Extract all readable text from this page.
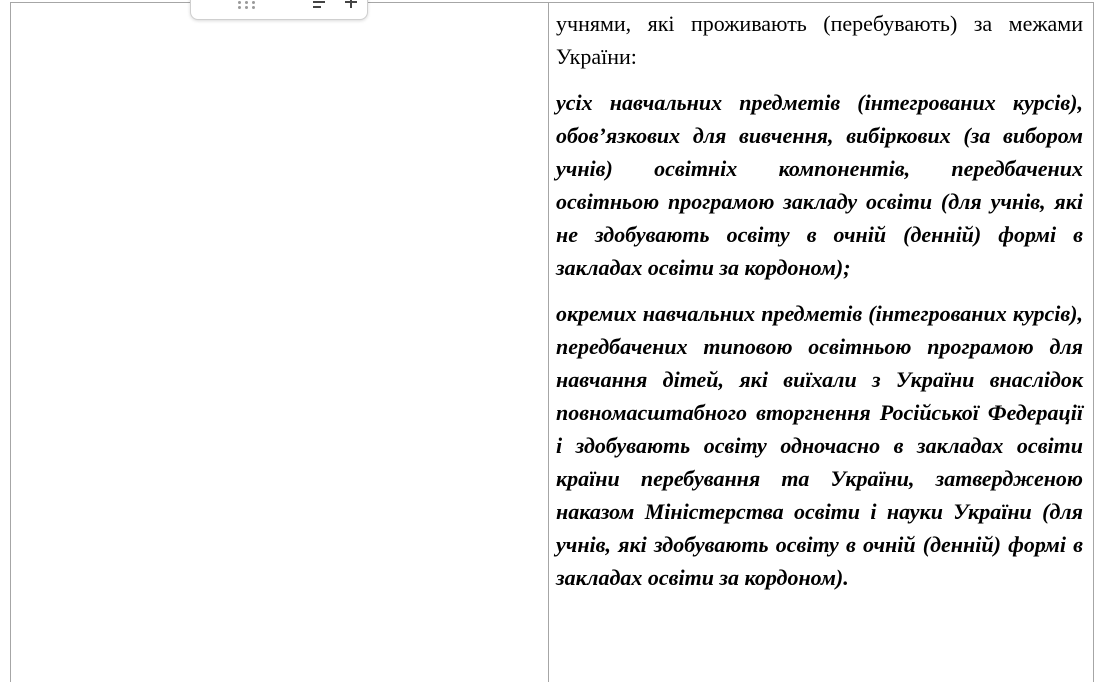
учнями, які проживають (перебувають) за межами України:

усіх навчальних предметів (інтегрованих курсів), обов’язкових для вивчення, вибіркових (за вибором учнів) освітніх компонентів, передбачених освітньою програмою закладу освіти (для учнів, які не здобувають освіту в очній (денній) формі в закладах освіти за кордоном);

окремих навчальних предметів (інтегрованих курсів), передбачених типовою освітньою програмою для навчання дітей, які виїхали з України внаслідок повномасштабного вторгнення Російської Федерації і здобувають освіту одночасно в закладах освіти країни перебування та України, затвердженою наказом Міністерства освіти і науки України (для учнів, які здобувають освіту в очній (денній) формі в закладах освіти за кордоном).
